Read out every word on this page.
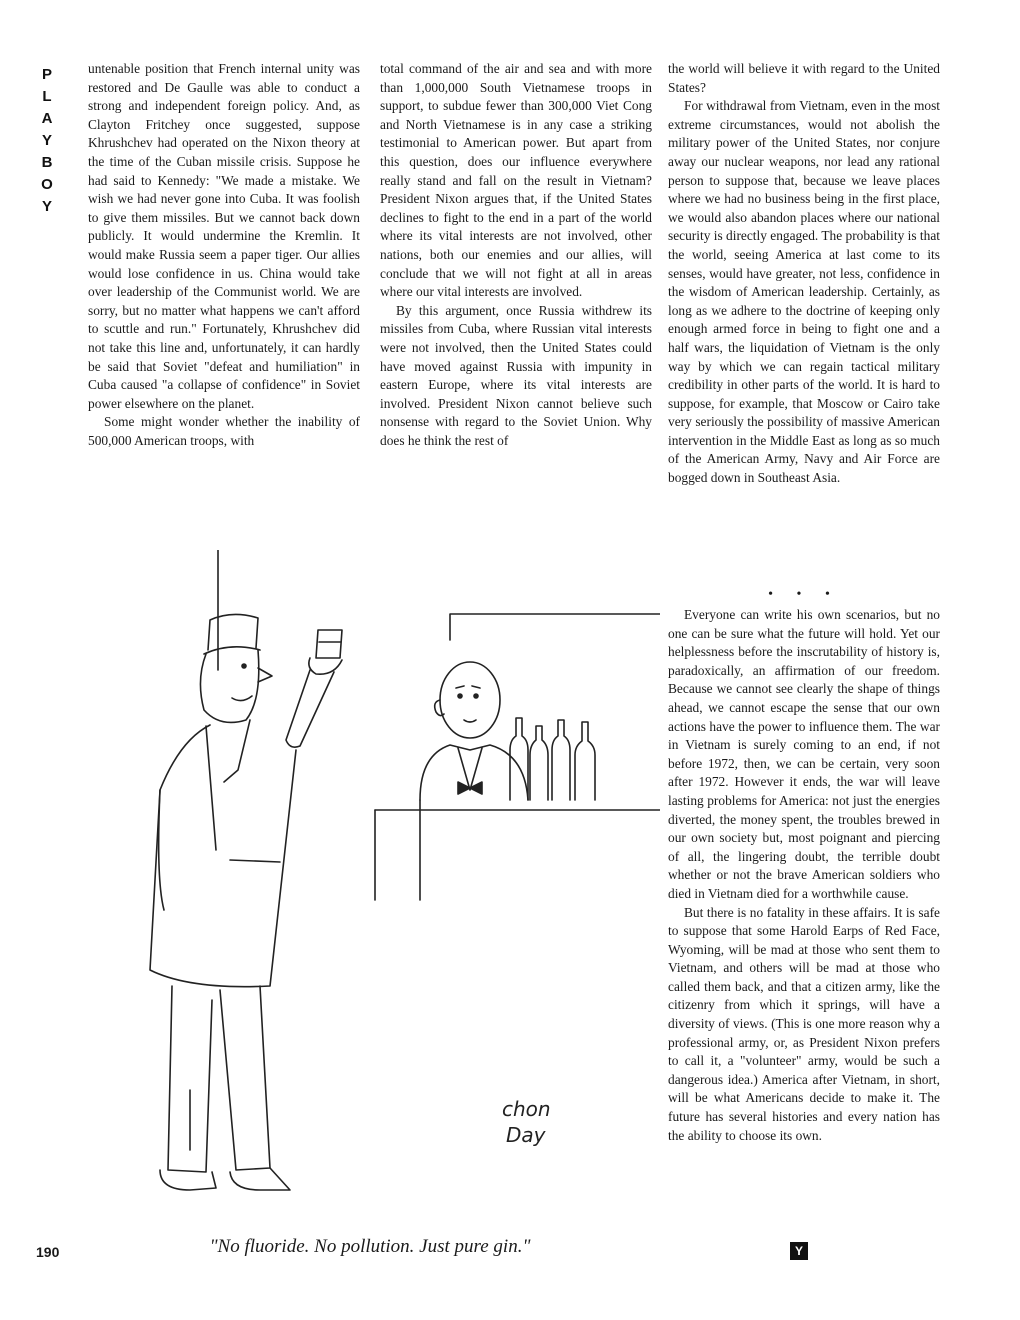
P
L
A
Y
B
O
Y

untenable position that French internal unity was restored and De Gaulle was able to conduct a strong and independent foreign policy. And, as Clayton Fritchey once suggested, suppose Khrushchev had operated on the Nixon theory at the time of the Cuban missile crisis. Suppose he had said to Kennedy: "We made a mistake. We wish we had never gone into Cuba. It was foolish to give them missiles. But we cannot back down publicly. It would undermine the Kremlin. It would make Russia seem a paper tiger. Our allies would lose confidence in us. China would take over leadership of the Communist world. We are sorry, but no matter what happens we can't afford to scuttle and run." Fortunately, Khrushchev did not take this line and, unfortunately, it can hardly be said that Soviet "defeat and humiliation" in Cuba caused "a collapse of confidence" in Soviet power elsewhere on the planet.

Some might wonder whether the inability of 500,000 American troops, with

total command of the air and sea and with more than 1,000,000 South Vietnamese troops in support, to subdue fewer than 300,000 Viet Cong and North Vietnamese is in any case a striking testimonial to American power. But apart from this question, does our influence everywhere really stand and fall on the result in Vietnam? President Nixon argues that, if the United States declines to fight to the end in a part of the world where its vital interests are not involved, other nations, both our enemies and our allies, will conclude that we will not fight at all in areas where our vital interests are involved.

By this argument, once Russia withdrew its missiles from Cuba, where Russian vital interests were not involved, then the United States could have moved against Russia with impunity in eastern Europe, where its vital interests are involved. President Nixon cannot believe such nonsense with regard to the Soviet Union. Why does he think the rest of

the world will believe it with regard to the United States?

For withdrawal from Vietnam, even in the most extreme circumstances, would not abolish the military power of the United States, nor conjure away our nuclear weapons, nor lead any rational person to suppose that, because we leave places where we had no business being in the first place, we would also abandon places where our national security is directly engaged. The probability is that the world, seeing America at last come to its senses, would have greater, not less, confidence in the wisdom of American leadership. Certainly, as long as we adhere to the doctrine of keeping only enough armed force in being to fight one and a half wars, the liquidation of Vietnam is the only way by which we can regain tactical military credibility in other parts of the world. It is hard to suppose, for example, that Moscow or Cairo take very seriously the possibility of massive American intervention in the Middle East as long as so much of the American Army, Navy and Air Force are bogged down in Southeast Asia.

• • •

Everyone can write his own scenarios, but no one can be sure what the future will hold. Yet our helplessness before the inscrutability of history is, paradoxically, an affirmation of our freedom. Because we cannot see clearly the shape of things ahead, we cannot escape the sense that our own actions have the power to influence them. The war in Vietnam is surely coming to an end, if not before 1972, then, we can be certain, very soon after 1972. However it ends, the war will leave lasting problems for America: not just the energies diverted, the money spent, the troubles brewed in our own society but, most poignant and piercing of all, the lingering doubt, the terrible doubt whether or not the brave American soldiers who died in Vietnam died for a worthwhile cause.

But there is no fatality in these affairs. It is safe to suppose that some Harold Earps of Red Face, Wyoming, will be mad at those who sent them to Vietnam, and others will be mad at those who called them back, and that a citizen army, like the citizenry from which it springs, will have a diversity of views. (This is one more reason why a professional army, or, as President Nixon prefers to call it, a "volunteer" army, would be such a dangerous idea.) America after Vietnam, in short, will be what Americans decide to make it. The future has several histories and every nation has the ability to choose its own.

chon
Day
"No fluoride. No pollution. Just pure gin."
190	Y
